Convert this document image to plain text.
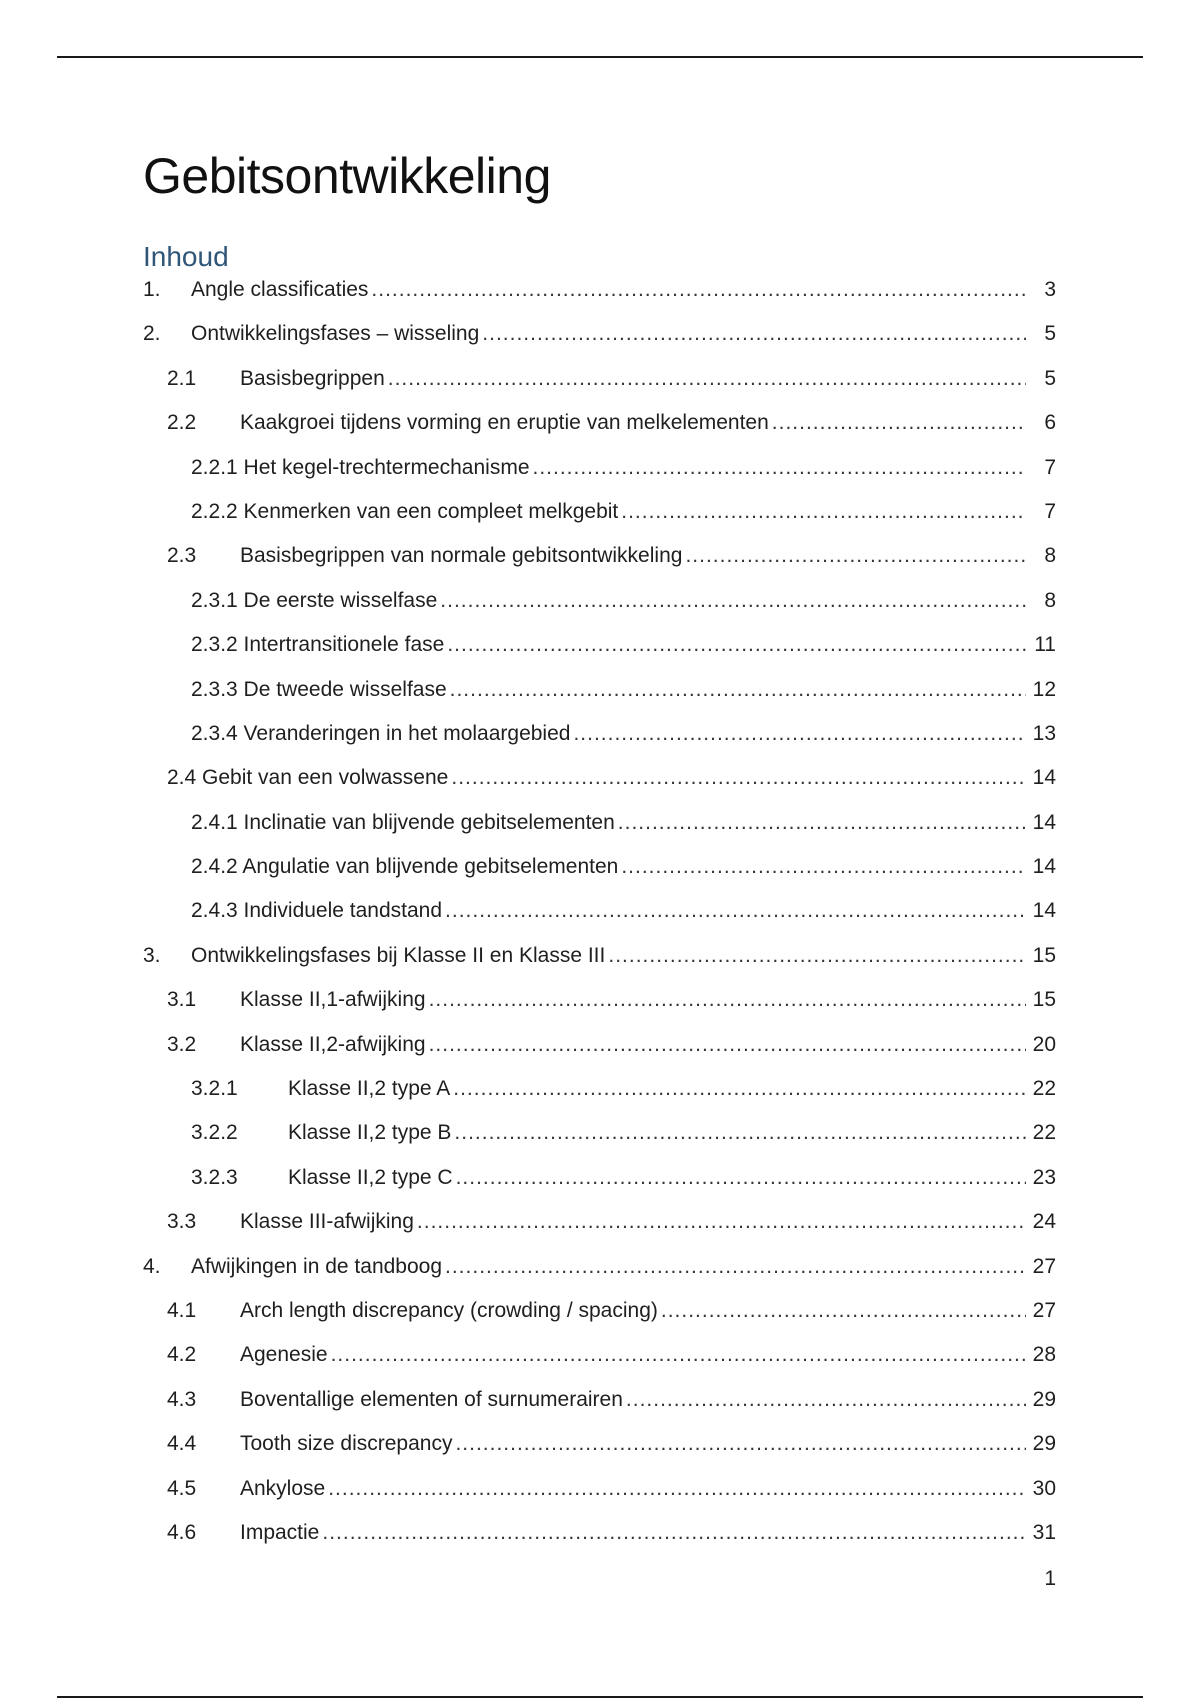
Gebitsontwikkeling
Inhoud
1.	Angle classificaties .....	3
2.	Ontwikkelingsfases – wisseling .....	5
2.1	Basisbegrippen .....	5
2.2	Kaakgroei tijdens vorming en eruptie van melkelementen .....	6
2.2.1 Het kegel-trechtermechanisme .....	7
2.2.2 Kenmerken van een compleet melkgebit .....	7
2.3	Basisbegrippen van normale gebitsontwikkeling .....	8
2.3.1 De eerste wisselfase .....	8
2.3.2 Intertransitionele fase .....	11
2.3.3 De tweede wisselfase .....	12
2.3.4 Veranderingen in het molaargebied .....	13
2.4 Gebit van een volwassene .....	14
2.4.1 Inclinatie van blijvende gebitselementen .....	14
2.4.2 Angulatie van blijvende gebitselementen .....	14
2.4.3 Individuele tandstand .....	14
3.	Ontwikkelingsfases bij Klasse II en Klasse III .....	15
3.1	Klasse II,1-afwijking .....	15
3.2	Klasse II,2-afwijking .....	20
3.2.1	Klasse II,2 type A .....	22
3.2.2	Klasse II,2 type B .....	22
3.2.3	Klasse II,2 type C .....	23
3.3	Klasse III-afwijking .....	24
4.	Afwijkingen in de tandboog .....	27
4.1	Arch length discrepancy (crowding / spacing) .....	27
4.2	Agenesie .....	28
4.3	Boventallige elementen of surnumerairen .....	29
4.4	Tooth size discrepancy .....	29
4.5	Ankylose .....	30
4.6	Impactie .....	31
1
